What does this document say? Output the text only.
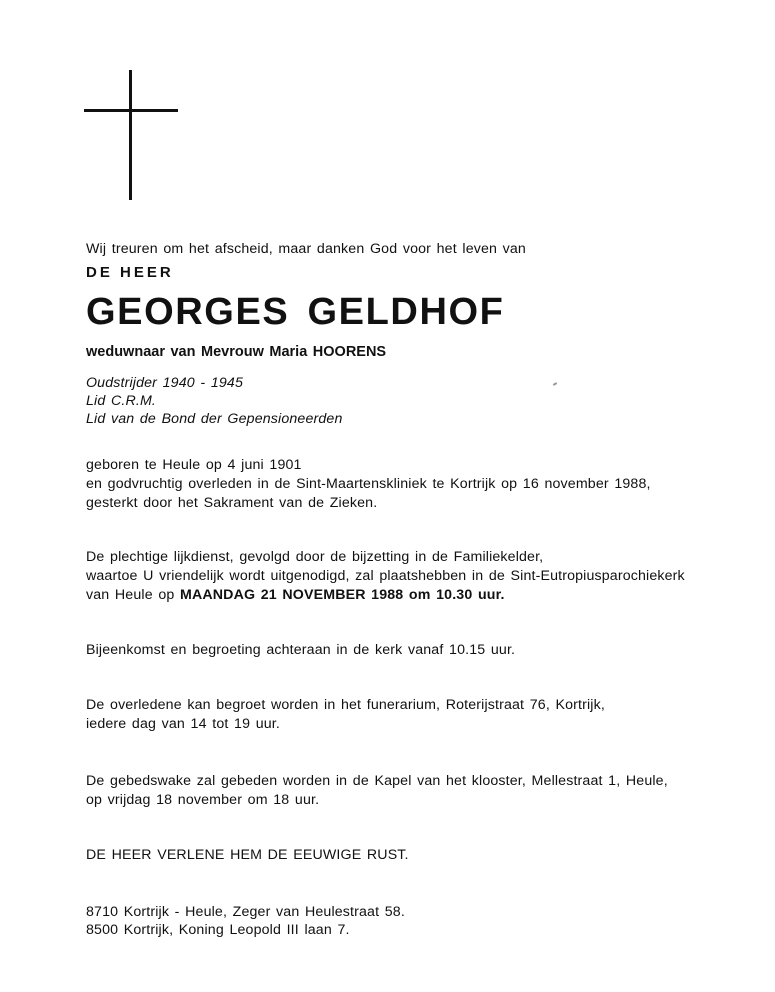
Wij treuren om het afscheid, maar danken God voor het leven van
DE HEER
GEORGES GELDHOF
weduwnaar van Mevrouw Maria HOORENS
Oudstrijder 1940 - 1945
Lid C.R.M.
Lid van de Bond der Gepensioneerden
geboren te Heule op 4 juni 1901
en godvruchtig overleden in de Sint-Maartenskliniek te Kortrijk op 16 november 1988,
gesterkt door het Sakrament van de Zieken.
De plechtige lijkdienst, gevolgd door de bijzetting in de Familiekelder,
waartoe U vriendelijk wordt uitgenodigd, zal plaatshebben in de Sint-Eutropiusparochiekerk
van Heule op MAANDAG 21 NOVEMBER 1988 om 10.30 uur.
Bijeenkomst en begroeting achteraan in de kerk vanaf 10.15 uur.
De overledene kan begroet worden in het funerarium, Roterijstraat 76, Kortrijk,
iedere dag van 14 tot 19 uur.
De gebedswake zal gebeden worden in de Kapel van het klooster, Mellestraat 1, Heule,
op vrijdag 18 november om 18 uur.
DE HEER VERLENE HEM DE EEUWIGE RUST.
8710 Kortrijk - Heule, Zeger van Heulestraat 58.
8500 Kortrijk, Koning Leopold III laan 7.
